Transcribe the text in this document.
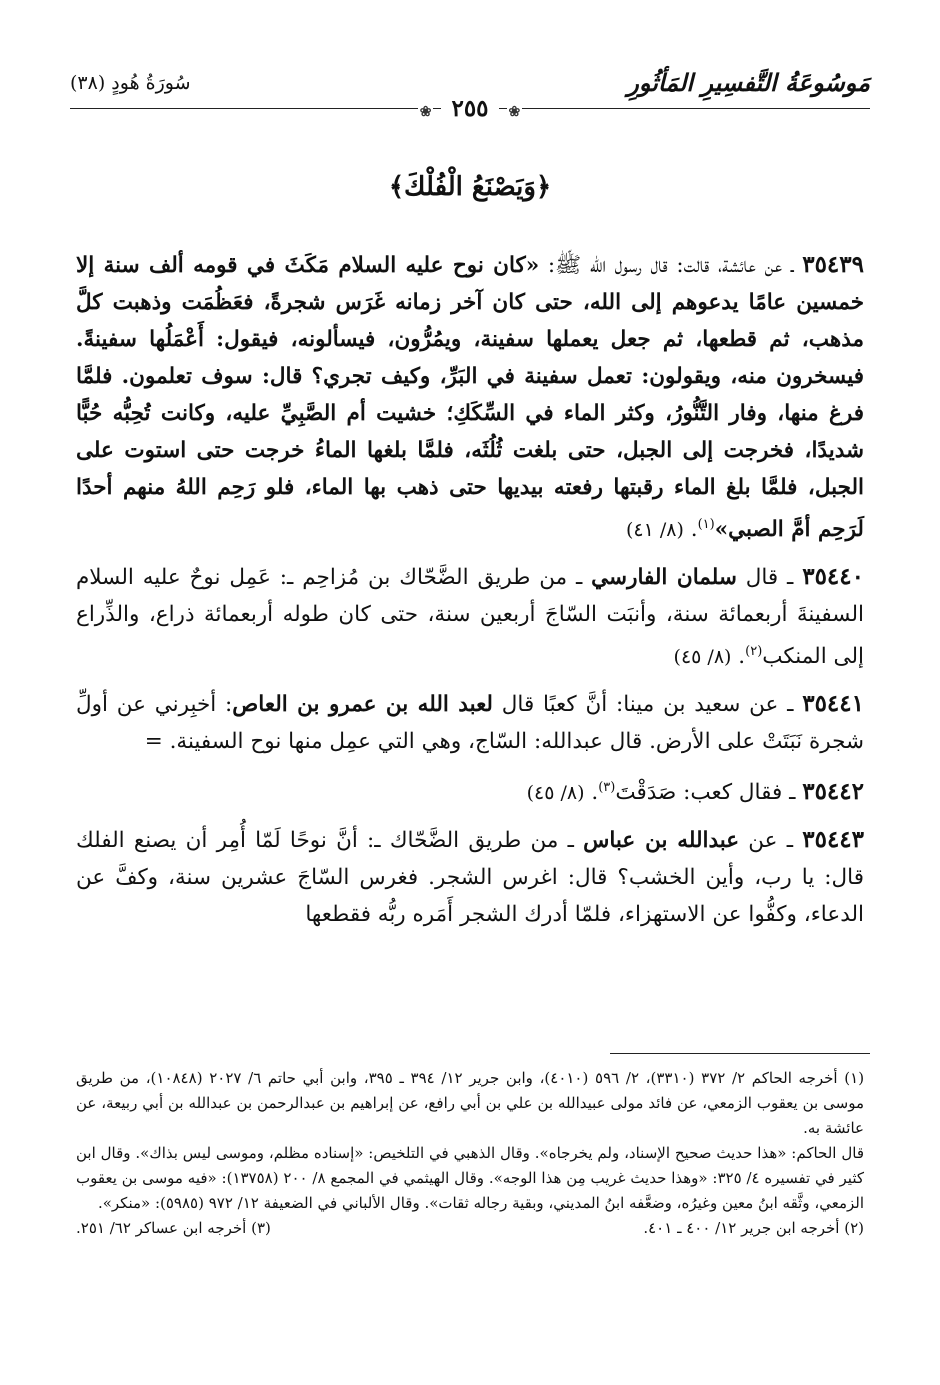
مَوسُوعَةُ التَّفسِيرِ المَأثُورِ
سُورَةُ هُودٍ (٣٨)
❀ ٢٥٥ ❀
﴿وَيَصْنَعُ الْفُلْكَ﴾

٣٥٤٣٩ ـ عن عائشة، قالت: قال رسول الله ﷺ: «كان نوح عليه السلام مَكَثَ في قومه ألف سنة إلا خمسين عامًا يدعوهم إلى الله، حتى كان آخر زمانه غَرَس شجرةً، فعَظُمَت وذهبت كلَّ مذهب، ثم قطعها، ثم جعل يعملها سفينة، ويمُرُّون، فيسألونه، فيقول: أَعْمَلُها سفينةً. فيسخرون منه، ويقولون: تعمل سفينة في البَرِّ، وكيف تجري؟ قال: سوف تعلمون. فلمَّا فرغ منها، وفار التَّنُّورُ، وكثر الماء في السِّكَكِ؛ خشيت أم الصَّبِيِّ عليه، وكانت تُحِبُّه حُبًّا شديدًا، فخرجت إلى الجبل، حتى بلغت ثُلُثَه، فلمَّا بلغها الماءُ خرجت حتى استوت على الجبل، فلمَّا بلغ الماء رقبتها رفعته بيديها حتى ذهب بها الماء، فلو رَحِم اللهُ منهم أحدًا لَرَحِم أمَّ الصبي»$^{(١)}$. (٨/ ٤١)

٣٥٤٤٠ ـ قال سلمان الفارسي ـ من طريق الضَّحّاك بن مُزاحِم ـ: عَمِل نوحٌ عليه السلام السفينةَ أربعمائة سنة، وأنبَت السّاجَ أربعين سنة، حتى كان طوله أربعمائة ذراع، والذِّراع إلى المنكب$^{(٢)}$. (٨/ ٤٥)

٣٥٤٤١ ـ عن سعيد بن مينا: أنَّ كعبًا قال لعبد الله بن عمرو بن العاص: أخبِرني عن أولِّ شجرة نَبَتَتْ على الأرض. قال عبدالله: السّاج، وهي التي عمِل منها نوح السفينة. =

٣٥٤٤٢ ـ فقال كعب: صَدَقْتَ$^{(٣)}$. (٨/ ٤٥)

٣٥٤٤٣ ـ عن عبدالله بن عباس ـ من طريق الضَّحّاك ـ: أنَّ نوحًا لَمّا أُمِر أن يصنع الفلك قال: يا رب، وأين الخشب؟ قال: اغرس الشجر. فغرس السّاجَ عشرين سنة، وكفَّ عن الدعاء، وكفُّوا عن الاستهزاء، فلمّا أدرك الشجر أَمَره ربُّه فقطعها

(١) أخرجه الحاكم ٢/ ٣٧٢ (٣٣١٠)، ٢/ ٥٩٦ (٤٠١٠)، وابن جرير ١٢/ ٣٩٤ ـ ٣٩٥، وابن أبي حاتم ٦/ ٢٠٢٧ (١٠٨٤٨)، من طريق موسى بن يعقوب الزمعي، عن فائد مولى عبيدالله بن علي بن أبي رافع، عن إبراهيم بن عبدالرحمن بن عبدالله بن أبي ربيعة، عن عائشة به.

قال الحاكم: «هذا حديث صحيح الإسناد، ولم يخرجاه». وقال الذهبي في التلخيص: «إسناده مظلم، وموسى ليس بذاك». وقال ابن كثير في تفسيره ٤/ ٣٢٥: «وهذا حديث غريب مِن هذا الوجه». وقال الهيثمي في المجمع ٨/ ٢٠٠ (١٣٧٥٨): «فيه موسى بن يعقوب الزمعي، وثَّقه ابنُ معين وغيرُه، وضعَّفه ابنُ المديني، وبقية رجاله ثقات». وقال الألباني في الضعيفة ١٢/ ٩٧٢ (٥٩٨٥): «منكر».

(٢) أخرجه ابن جرير ١٢/ ٤٠٠ ـ ٤٠١.
(٣) أخرجه ابن عساكر ٦٢/ ٢٥١.
